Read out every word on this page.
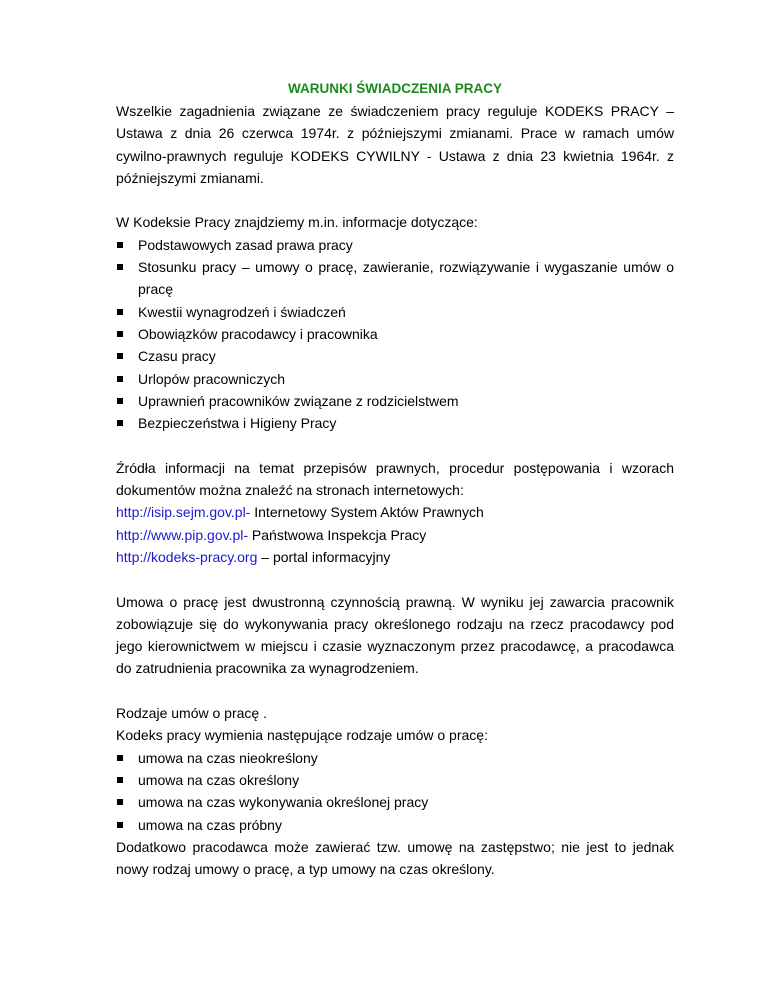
WARUNKI ŚWIADCZENIA PRACY

Wszelkie zagadnienia związane ze świadczeniem pracy reguluje KODEKS PRACY – Ustawa z dnia 26 czerwca 1974r. z późniejszymi zmianami. Prace w ramach umów cywilno-prawnych reguluje KODEKS CYWILNY - Ustawa z dnia 23 kwietnia 1964r. z późniejszymi zmianami.

W Kodeksie Pracy znajdziemy m.in. informacje dotyczące:

Podstawowych zasad prawa pracy
Stosunku pracy – umowy o pracę, zawieranie, rozwiązywanie i wygaszanie umów o pracę
Kwestii wynagrodzeń i świadczeń
Obowiązków pracodawcy i pracownika
Czasu pracy
Urlopów pracowniczych
Uprawnień pracowników związane z rodzicielstwem
Bezpieczeństwa i Higieny Pracy

Źródła informacji na temat przepisów prawnych, procedur postępowania i wzorach dokumentów można znaleźć na stronach internetowych:

http://isip.sejm.gov.pl- Internetowy System Aktów Prawnych

http://www.pip.gov.pl- Państwowa Inspekcja Pracy

http://kodeks-pracy.org – portal informacyjny

Umowa o pracę jest dwustronną czynnością prawną. W wyniku jej zawarcia pracownik zobowiązuje się do wykonywania pracy określonego rodzaju na rzecz pracodawcy pod jego kierownictwem w miejscu i czasie wyznaczonym przez pracodawcę, a pracodawca do zatrudnienia pracownika za wynagrodzeniem.

Rodzaje umów o pracę .

Kodeks pracy wymienia następujące rodzaje umów o pracę:

umowa na czas nieokreślony
umowa na czas określony
umowa na czas wykonywania określonej pracy
umowa na czas próbny

Dodatkowo pracodawca może zawierać tzw. umowę na zastępstwo; nie jest to jednak nowy rodzaj umowy o pracę, a typ umowy na czas określony.
